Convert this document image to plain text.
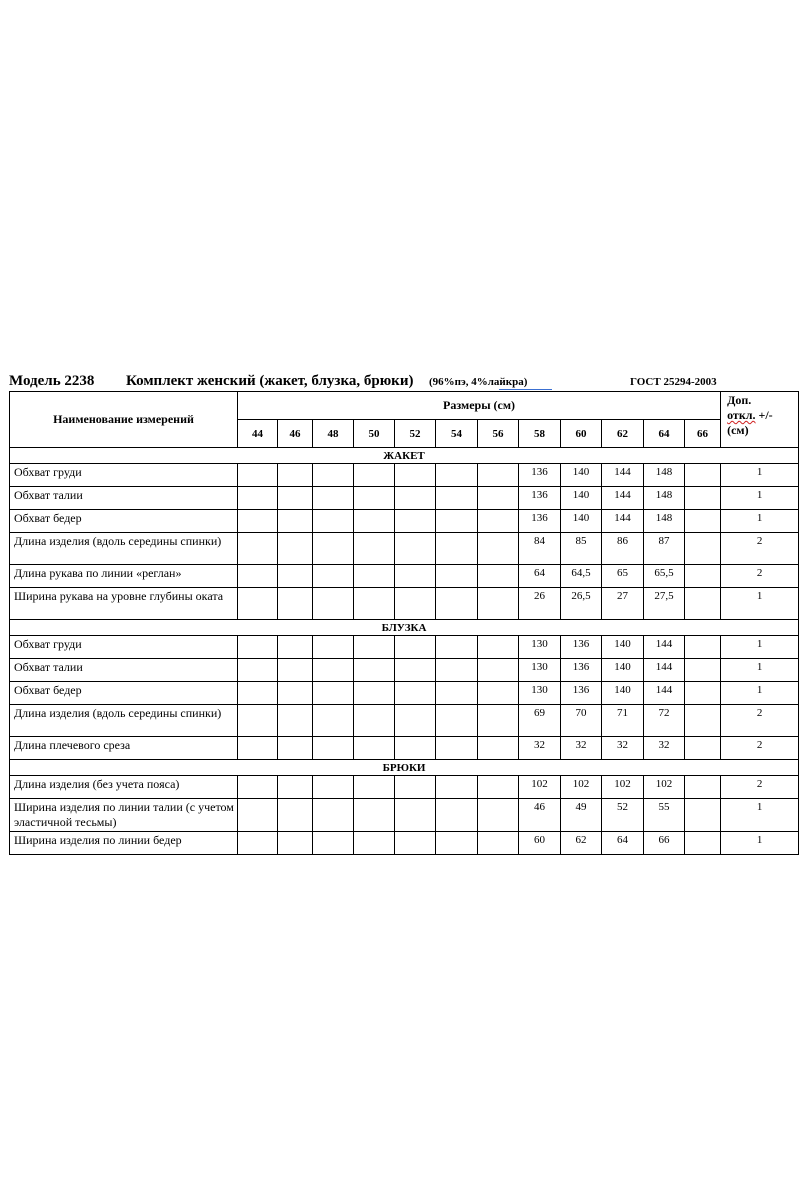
Модель 2238 Комплект женский (жакет, блузка, брюки) (96%пэ, 4%лайкра)	ГОСТ 25294-2003
Наименование измерений	Размеры (см)												Доп.
откл. +/-
(см)

	44	46	48	50	52	54	56	58	60	62	64	66	
ЖАКЕТ													
Обхват груди								136	140	144	148		1
Обхват талии								136	140	144	148		1
Обхват бедер								136	140	144	148		1
Длина изделия (вдоль середины спинки)								84	85	86	87		2
Длина рукава по линии «реглан»								64	64,5	65	65,5		2
Ширина рукава на уровне глубины оката								26	26,5	27	27,5		1
БЛУЗКА													
Обхват груди								130	136	140	144		1
Обхват талии								130	136	140	144		1
Обхват бедер								130	136	140	144		1
Длина изделия (вдоль середины спинки)								69	70	71	72		2
Длина плечевого среза								32	32	32	32		2
БРЮКИ													
Длина изделия (без учета пояса)								102	102	102	102		2
Ширина изделия по линии талии (с учетом эластичной тесьмы)								46	49	52	55		1
Ширина изделия по линии бедер								60	62	64	66		1
